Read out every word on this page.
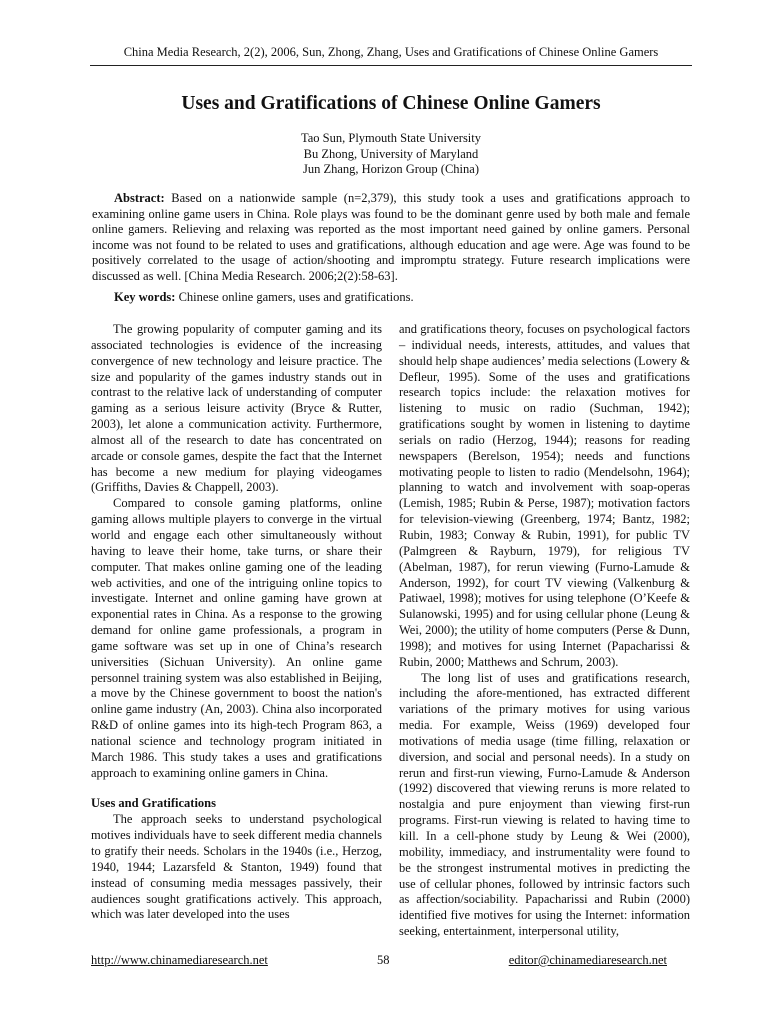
China Media Research, 2(2), 2006, Sun, Zhong, Zhang, Uses and Gratifications of Chinese Online Gamers
Uses and Gratifications of Chinese Online Gamers
Tao Sun, Plymouth State University
Bu Zhong, University of Maryland
Jun Zhang, Horizon Group (China)

Abstract: Based on a nationwide sample (n=2,379), this study took a uses and gratifications approach to examining online game users in China. Role plays was found to be the dominant genre used by both male and female online gamers. Relieving and relaxing was reported as the most important need gained by online gamers. Personal income was not found to be related to uses and gratifications, although education and age were. Age was found to be positively correlated to the usage of action/shooting and impromptu strategy. Future research implications were discussed as well. [China Media Research. 2006;2(2):58-63].

Key words: Chinese online gamers, uses and gratifications.

The growing popularity of computer gaming and its associated technologies is evidence of the increasing convergence of new technology and leisure practice. The size and popularity of the games industry stands out in contrast to the relative lack of understanding of computer gaming as a serious leisure activity (Bryce & Rutter, 2003), let alone a communication activity. Furthermore, almost all of the research to date has concentrated on arcade or console games, despite the fact that the Internet has become a new medium for playing videogames (Griffiths, Davies & Chappell, 2003).

Compared to console gaming platforms, online gaming allows multiple players to converge in the virtual world and engage each other simultaneously without having to leave their home, take turns, or share their computer. That makes online gaming one of the leading web activities, and one of the intriguing online topics to investigate. Internet and online gaming have grown at exponential rates in China. As a response to the growing demand for online game professionals, a program in game software was set up in one of China’s research universities (Sichuan University). An online game personnel training system was also established in Beijing, a move by the Chinese government to boost the nation's online game industry (An, 2003). China also incorporated R&D of online games into its high-tech Program 863, a national science and technology program initiated in March 1986. This study takes a uses and gratifications approach to examining online gamers in China.

Uses and Gratifications

The approach seeks to understand psychological motives individuals have to seek different media channels to gratify their needs. Scholars in the 1940s (i.e., Herzog, 1940, 1944; Lazarsfeld & Stanton, 1949) found that instead of consuming media messages passively, their audiences sought gratifications actively. This approach, which was later developed into the uses

and gratifications theory, focuses on psychological factors – individual needs, interests, attitudes, and values that should help shape audiences’ media selections (Lowery & Defleur, 1995). Some of the uses and gratifications research topics include: the relaxation motives for listening to music on radio (Suchman, 1942); gratifications sought by women in listening to daytime serials on radio (Herzog, 1944); reasons for reading newspapers (Berelson, 1954); needs and functions motivating people to listen to radio (Mendelsohn, 1964); planning to watch and involvement with soap-operas (Lemish, 1985; Rubin & Perse, 1987); motivation factors for television-viewing (Greenberg, 1974; Bantz, 1982; Rubin, 1983; Conway & Rubin, 1991), for public TV (Palmgreen & Rayburn, 1979), for religious TV (Abelman, 1987), for rerun viewing (Furno-Lamude & Anderson, 1992), for court TV viewing (Valkenburg & Patiwael, 1998); motives for using telephone (O’Keefe & Sulanowski, 1995) and for using cellular phone (Leung & Wei, 2000); the utility of home computers (Perse & Dunn, 1998); and motives for using Internet (Papacharissi & Rubin, 2000; Matthews and Schrum, 2003).

The long list of uses and gratifications research, including the afore-mentioned, has extracted different variations of the primary motives for using various media. For example, Weiss (1969) developed four motivations of media usage (time filling, relaxation or diversion, and social and personal needs). In a study on rerun and first-run viewing, Furno-Lamude & Anderson (1992) discovered that viewing reruns is more related to nostalgia and pure enjoyment than viewing first-run programs. First-run viewing is related to having time to kill. In a cell-phone study by Leung & Wei (2000), mobility, immediacy, and instrumentality were found to be the strongest instrumental motives in predicting the use of cellular phones, followed by intrinsic factors such as affection/sociability. Papacharissi and Rubin (2000) identified five motives for using the Internet: information seeking, entertainment, interpersonal utility,

http://www.chinamediaresearch.net	58	editor@chinamediaresearch.net
